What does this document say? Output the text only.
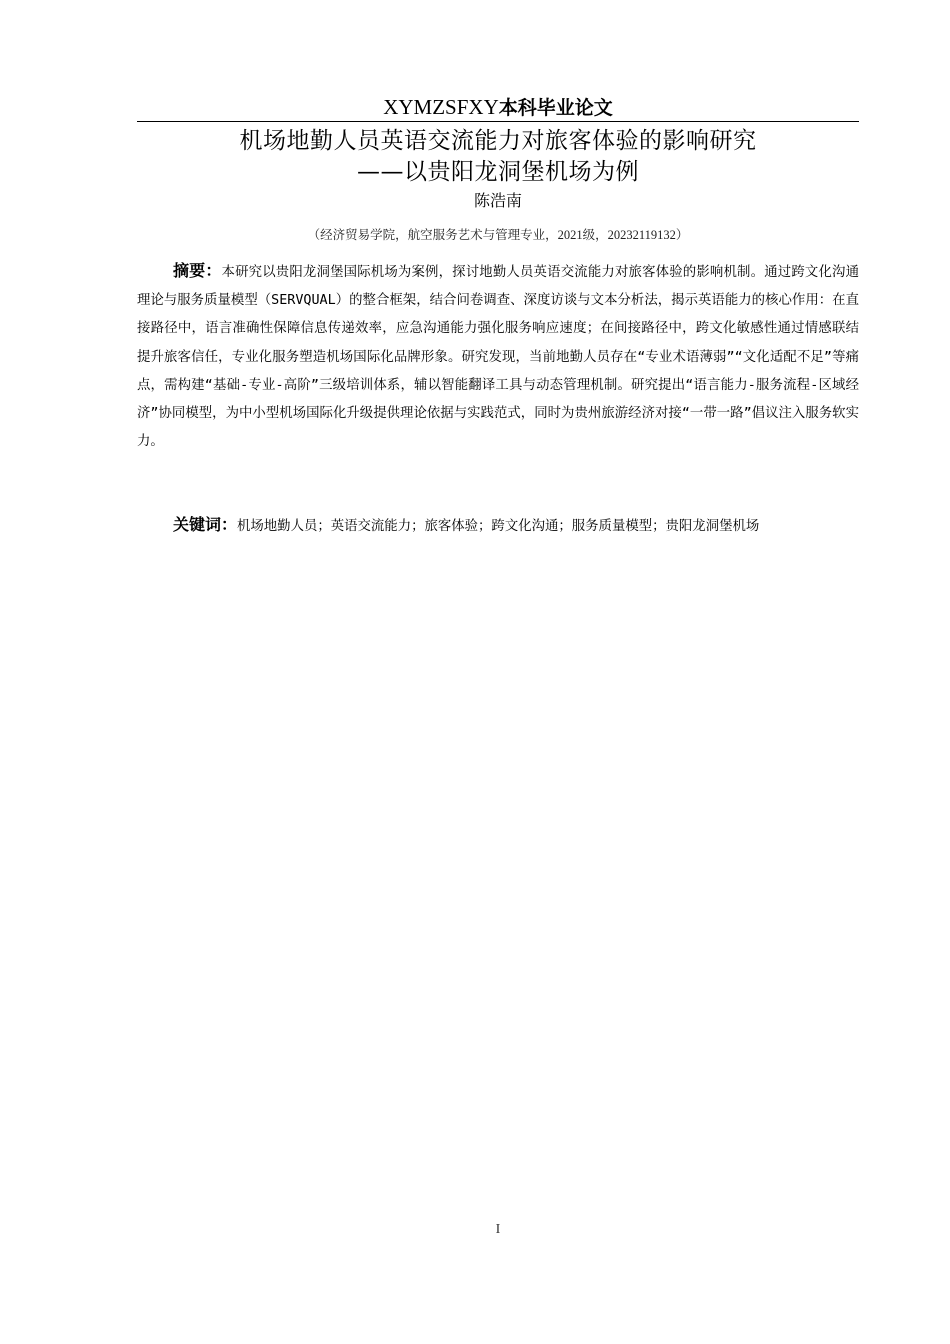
XYMZSFXY本科毕业论文
机场地勤人员英语交流能力对旅客体验的影响研究
——以贵阳龙洞堡机场为例
陈浩南
（经济贸易学院，航空服务艺术与管理专业，2021级，20232119132）
摘要：本研究以贵阳龙洞堡国际机场为案例，探讨地勤人员英语交流能力对旅客体验的影响机制。通过跨文化沟通理论与服务质量模型（SERVQUAL）的整合框架，结合问卷调查、深度访谈与文本分析法，揭示英语能力的核心作用：在直接路径中，语言准确性保障信息传递效率，应急沟通能力强化服务响应速度；在间接路径中，跨文化敏感性通过情感联结提升旅客信任，专业化服务塑造机场国际化品牌形象。研究发现，当前地勤人员存在“专业术语薄弱”“文化适配不足”等痛点，需构建“基础-专业-高阶”三级培训体系，辅以智能翻译工具与动态管理机制。研究提出“语言能力-服务流程-区域经济”协同模型，为中小型机场国际化升级提供理论依据与实践范式，同时为贵州旅游经济对接“一带一路”倡议注入服务软实力。
关键词：机场地勤人员；英语交流能力；旅客体验；跨文化沟通；服务质量模型；贵阳龙洞堡机场
I
